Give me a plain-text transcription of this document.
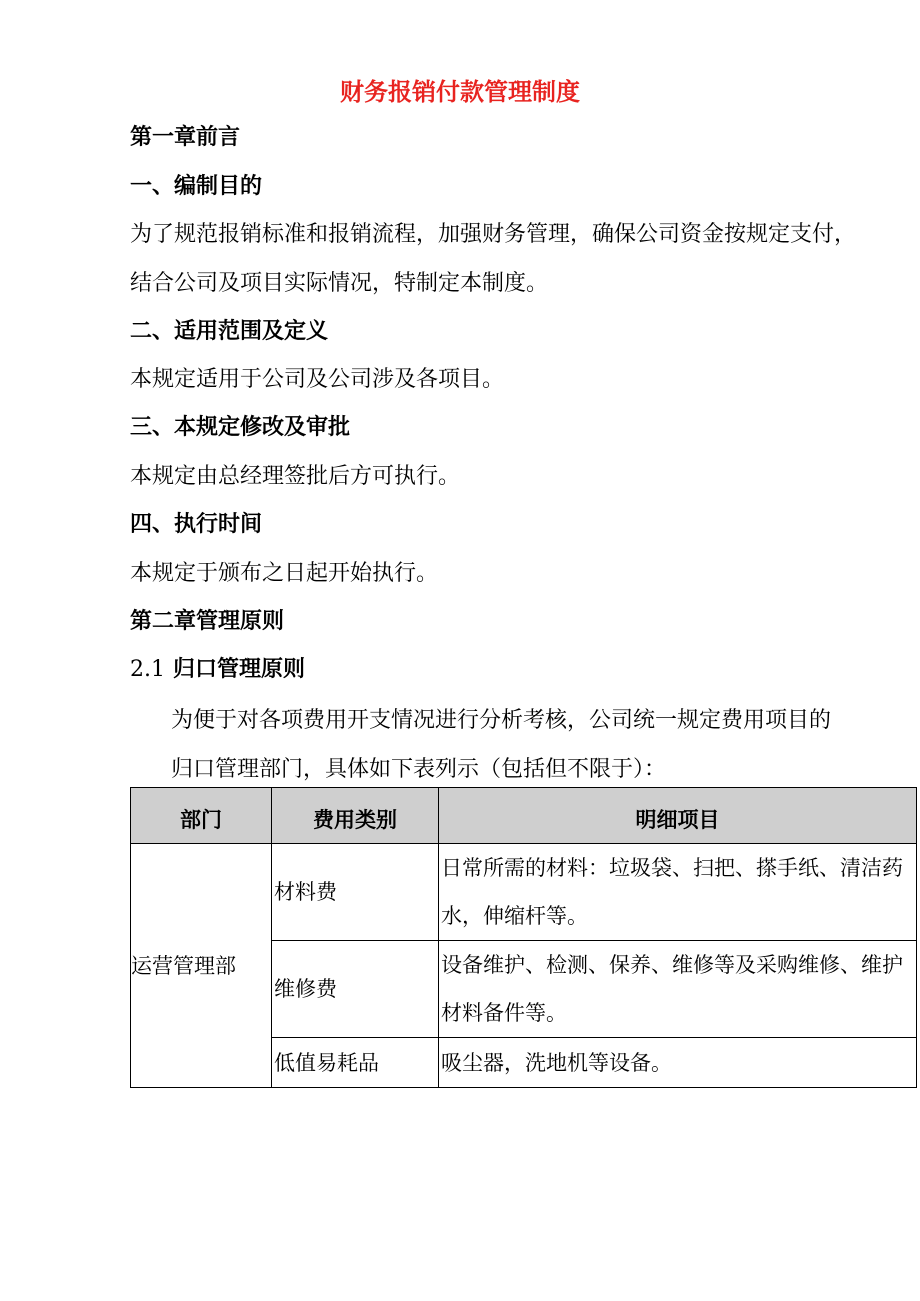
财务报销付款管理制度
第一章前言
一、编制目的
为了规范报销标准和报销流程，加强财务管理，确保公司资金按规定支付，
结合公司及项目实际情况，特制定本制度。
二、适用范围及定义
本规定适用于公司及公司涉及各项目。
三、本规定修改及审批
本规定由总经理签批后方可执行。
四、执行时间
本规定于颁布之日起开始执行。
第二章管理原则
2.1 归口管理原则
为便于对各项费用开支情况进行分析考核，公司统一规定费用项目的
归口管理部门，具体如下表列示（包括但不限于）：
部门	费用类别	明细项目
运营管理部	材料费	日常所需的材料：垃圾袋、扫把、搽手纸、清洁药水，伸缩杆等。
	维修费	设备维护、检测、保养、维修等及采购维修、维护材料备件等。
	低值易耗品	吸尘器，洗地机等设备。
